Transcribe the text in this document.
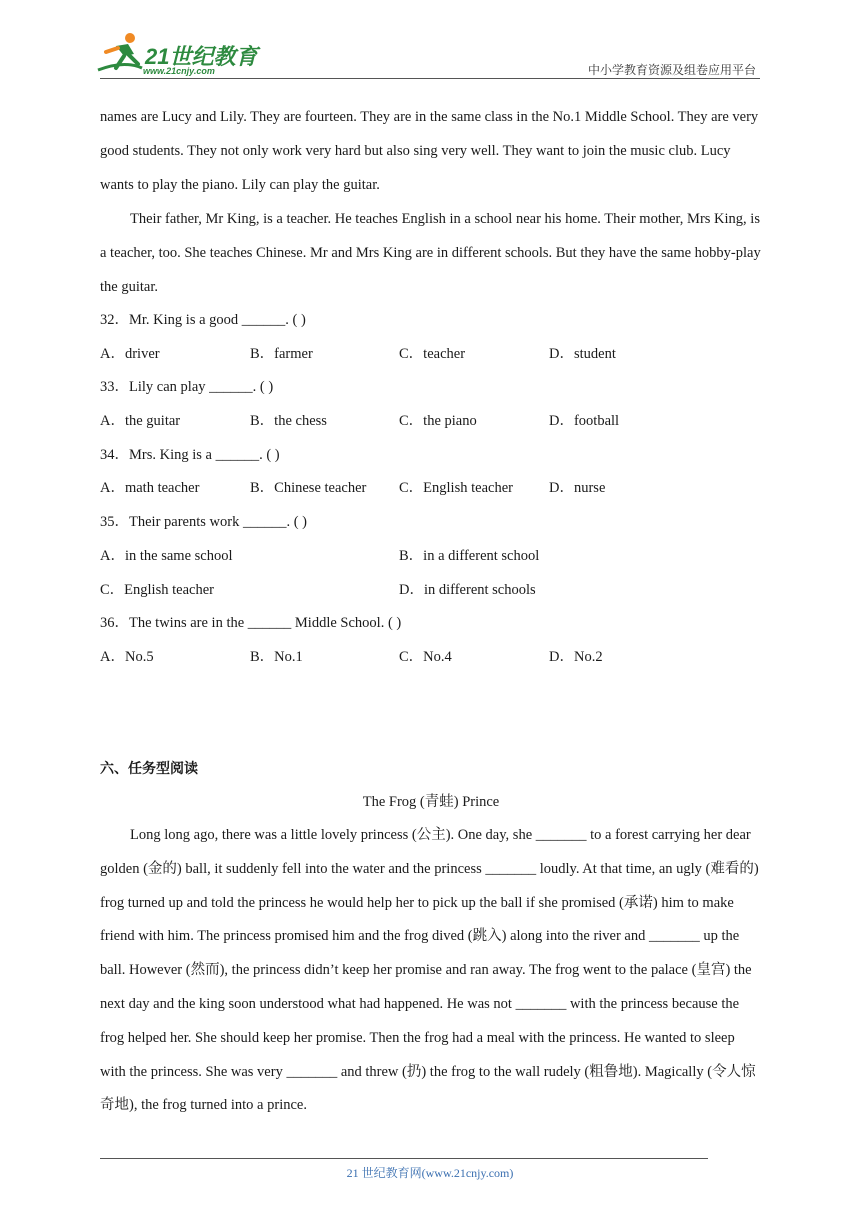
21世纪教育
www.21cnjy.com	中小学教育资源及组卷应用平台

names are Lucy and Lily. They are fourteen. They are in the same class in the No.1 Middle School. They are very good students. They not only work very hard but also sing very well. They want to join the music club. Lucy wants to play the piano. Lily can play the guitar.

Their father, Mr King, is a teacher. He teaches English in a school near his home. Their mother, Mrs King, is a teacher, too. She teaches Chinese. Mr and Mrs King are in different schools. But they have the same hobby-play the guitar.

32．Mr. King is a good ______. ( )
A．driver	B．farmer	C．teacher	D．student
33．Lily can play ______. ( )
A．the guitar	B．the chess	C．the piano	D．football
34．Mrs. King is a ______. ( )
A．math teacher	B．Chinese teacher C．English teacher D．nurse
35．Their parents work ______. ( )
A．in the same school	B．in a different school
C．English teacher	D．in different schools
36．The twins are in the ______ Middle School. ( )
A．No.5	B．No.1	C．No.4	D．No.2
六、任务型阅读
The Frog (青蛙) Prince

Long long ago, there was a little lovely princess (公主). One day, she _______ to a forest carrying her dear golden (金的) ball, it suddenly fell into the water and the princess _______ loudly. At that time, an ugly (难看的) frog turned up and told the princess he would help her to pick up the ball if she promised (承诺) him to make friend with him. The princess promised him and the frog dived (跳入) along into the river and _______ up the ball. However (然而), the princess didn’t keep her promise and ran away. The frog went to the palace (皇宫) the next day and the king soon understood what had happened. He was not _______ with the princess because the frog helped her. She should keep her promise. Then the frog had a meal with the princess. He wanted to sleep with the princess. She was very _______ and threw (扔) the frog to the wall rudely (粗鲁地). Magically (令人惊奇地), the frog turned into a prince.

21 世纪教育网(www.21cnjy.com)
